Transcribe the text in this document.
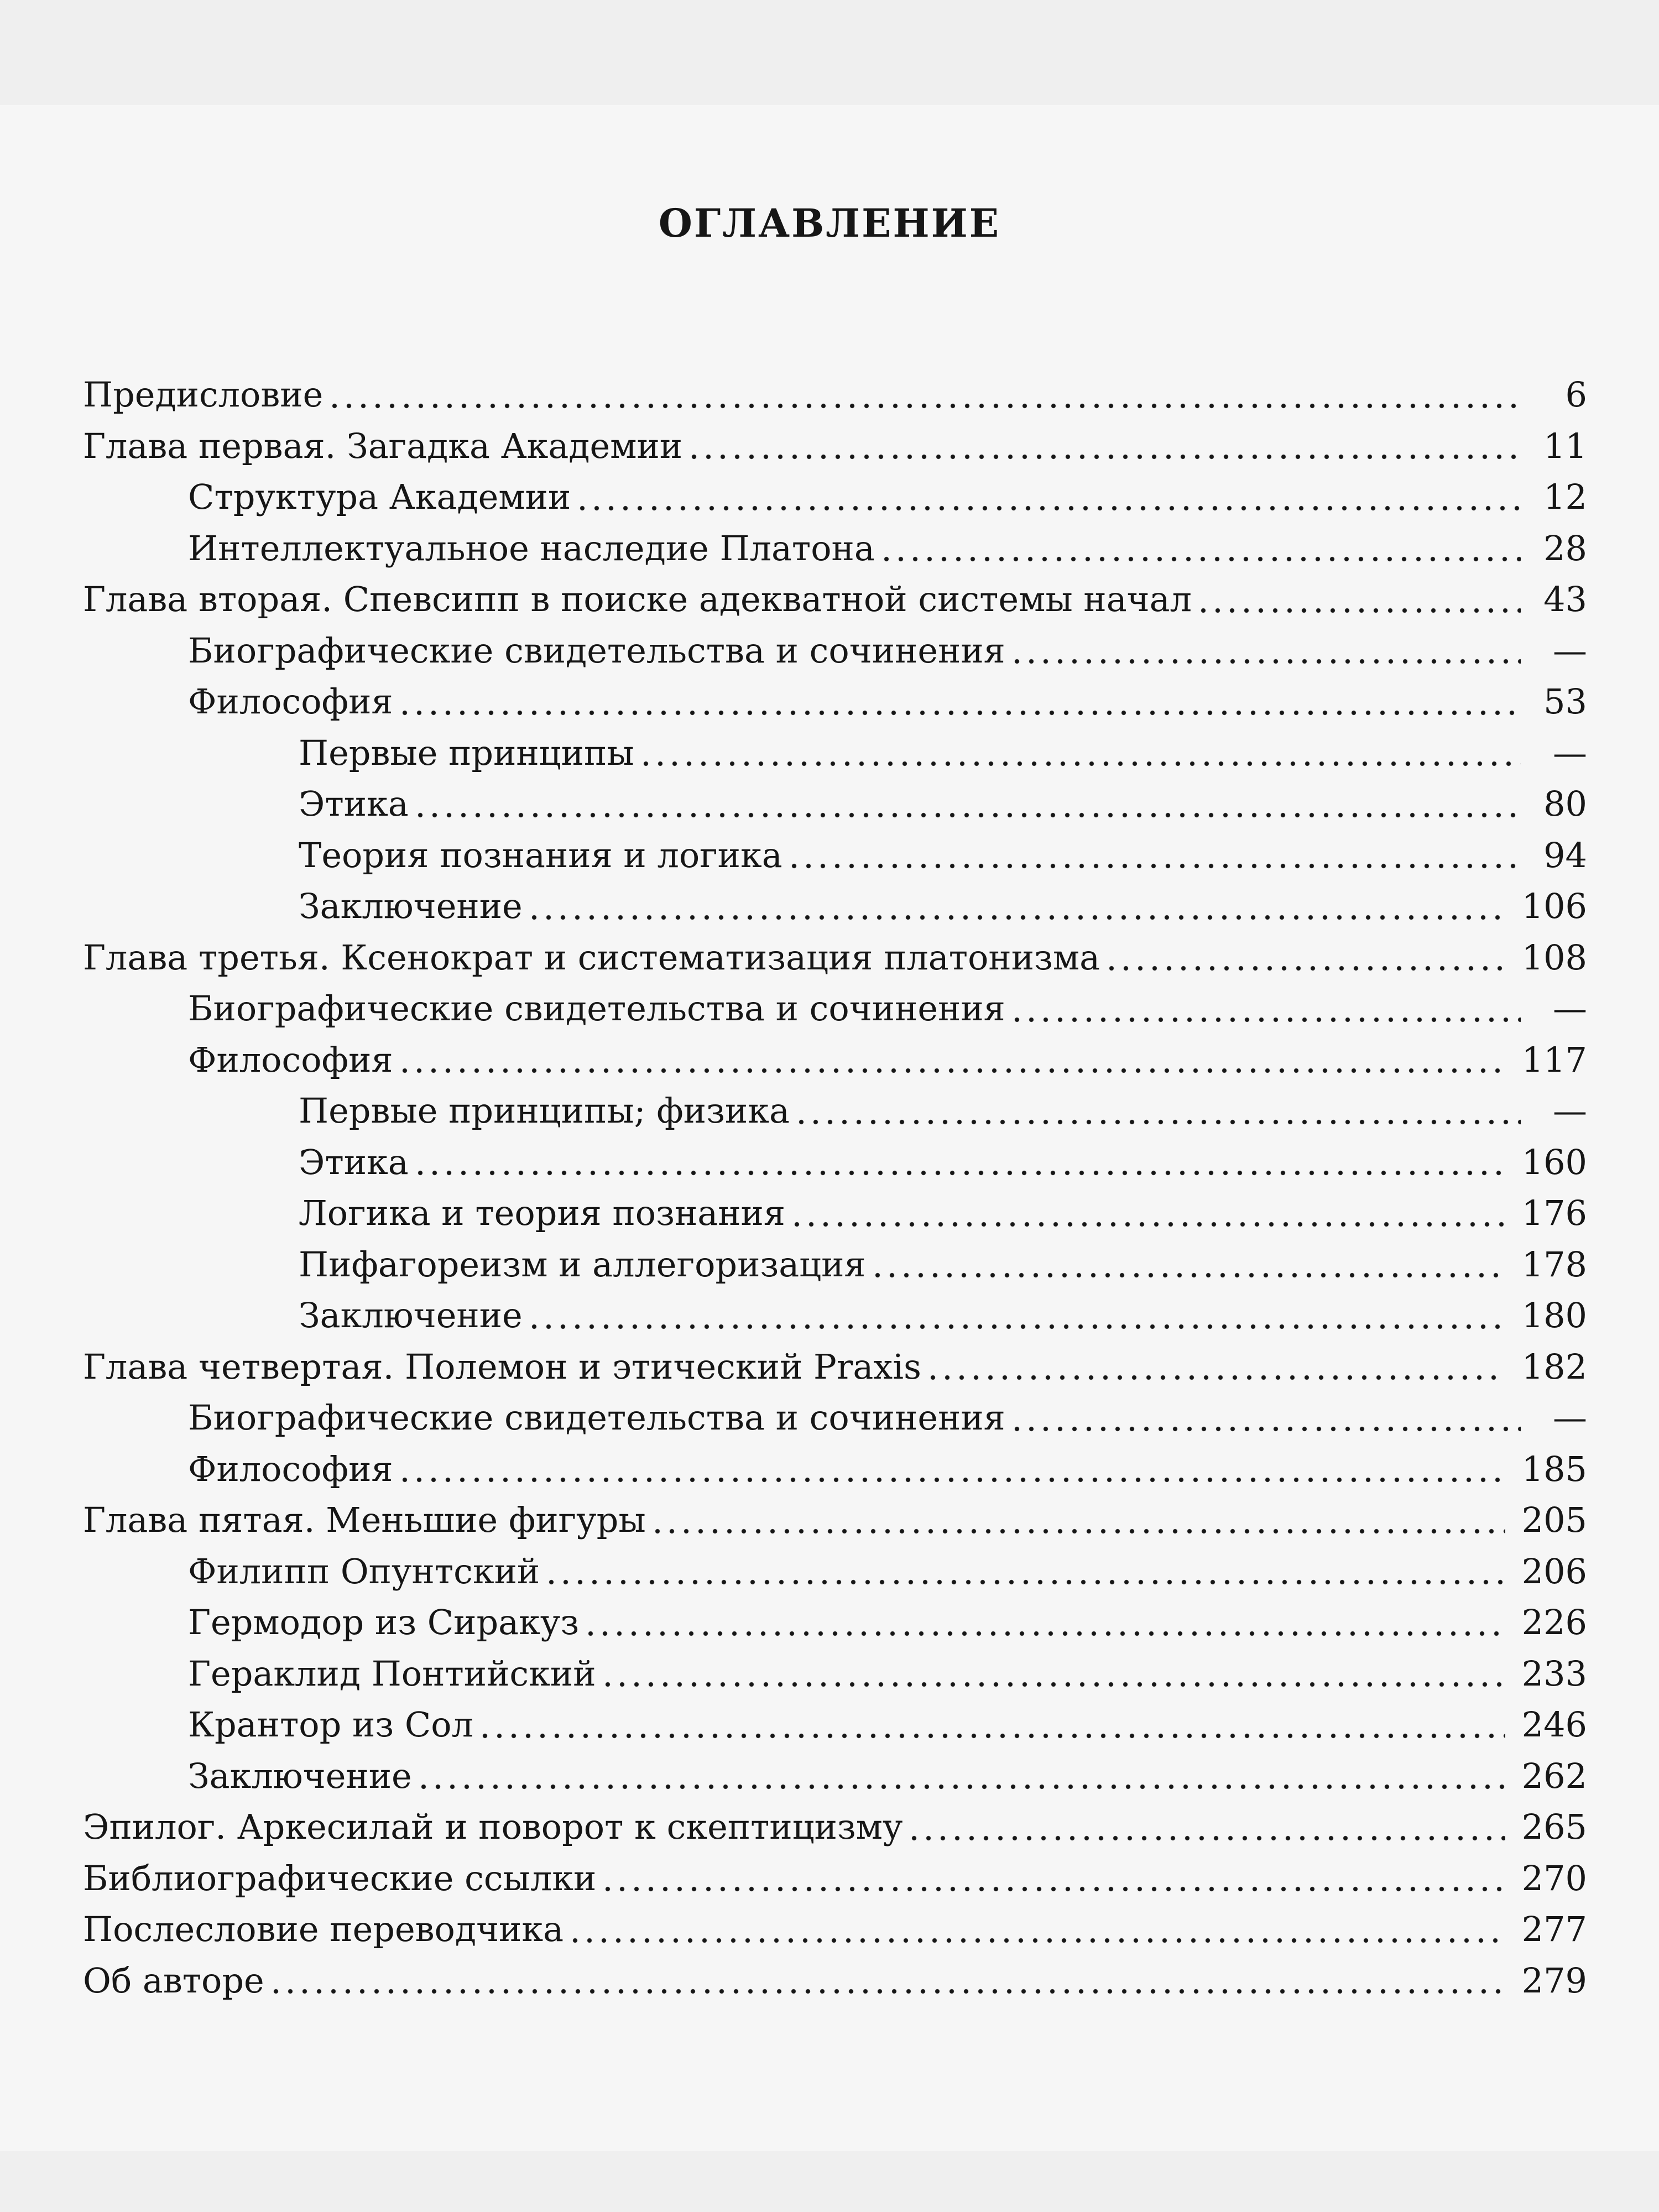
ОГЛАВЛЕНИЕ
Предисловие	6
Глава первая. Загадка Академии	11
Структура Академии	12
Интеллектуальное наследие Платона	28
Глава вторая. Спевсипп в поиске адекватной системы начал	43
Биографические свидетельства и сочинения	—
Философия	53
Первые принципы	—
Этика	80
Теория познания и логика	94
Заключение	106
Глава третья. Ксенократ и систематизация платонизма	108
Биографические свидетельства и сочинения	—
Философия	117
Первые принципы; физика	—
Этика	160
Логика и теория познания	176
Пифагореизм и аллегоризация	178
Заключение	180
Глава четвертая. Полемон и этический Praxis	182
Биографические свидетельства и сочинения	—
Философия	185
Глава пятая. Меньшие фигуры	205
Филипп Опунтский	206
Гермодор из Сиракуз	226
Гераклид Понтийский	233
Крантор из Сол	246
Заключение	262
Эпилог. Аркесилай и поворот к скептицизму	265
Библиографические ссылки	270
Послесловие переводчика	277
Об авторе	279
